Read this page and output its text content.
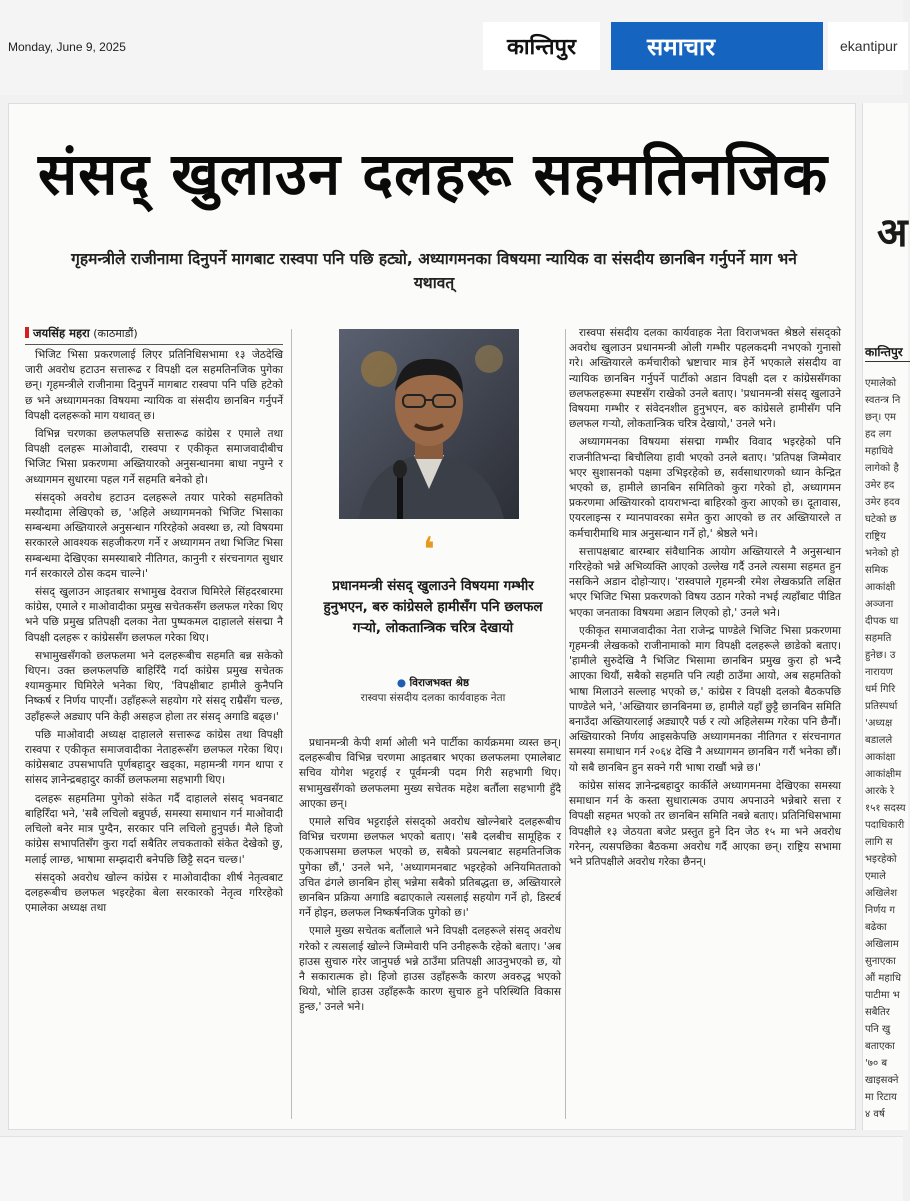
Monday, June 9, 2025	कान्तिपुर	समाचार	ekantipur
संसद् खुलाउन दलहरू सहमतिनजिक
गृहमन्त्रीले राजीनामा दिनुपर्ने मागबाट रास्वपा पनि पछि हट्यो, अध्यागमनका विषयमा न्यायिक वा संसदीय छानबिन गर्नुपर्ने माग भने यथावत्
जयसिंह महरा (काठमाडौं)

भिजिट भिसा प्रकरणलाई लिएर प्रतिनिधिसभामा १३ जेठदेखि जारी अवरोध हटाउन सत्तारूढ र विपक्षी दल सहमतिनजिक पुगेका छन्। गृहमन्त्रीले राजीनामा दिनुपर्ने मागबाट रास्वपा पनि पछि हटेको छ भने अध्यागमनका विषयमा न्यायिक वा संसदीय छानबिन गर्नुपर्ने विपक्षी दलहरूको माग यथावत् छ।

विभिन्न चरणका छलफलपछि सत्तारूढ कांग्रेस र एमाले तथा विपक्षी दलहरू माओवादी, रास्वपा र एकीकृत समाजवादीबीच भिजिट भिसा प्रकरणमा अख्तियारको अनुसन्धानमा बाधा नपुग्ने र अध्यागमन सुधारमा पहल गर्ने सहमति बनेको हो।

संसद्को अवरोध हटाउन दलहरूले तयार पारेको सहमतिको मस्यौदामा लेखिएको छ, 'अहिले अध्यागमनको भिजिट भिसाका सम्बन्धमा अख्तियारले अनुसन्धान गरिरहेको अवस्था छ, त्यो विषयमा सरकारले आवश्यक सहजीकरण गर्ने र अध्यागमन तथा भिजिट भिसा सम्बन्धमा देखिएका समस्याबारे नीतिगत, कानुनी र संरचनागत सुधार गर्न सरकारले ठोस कदम चाल्ने।'

संसद् खुलाउन आइतबार सभामुख देवराज घिमिरेले सिंहदरबारमा कांग्रेस, एमाले र माओवादीका प्रमुख सचेतकसँग छलफल गरेका थिए भने पछि प्रमुख प्रतिपक्षी दलका नेता पुष्पकमल दाहालले संसद्मा नै विपक्षी दलहरू र कांग्रेससँग छलफल गरेका थिए।

सभामुखसँगको छलफलमा भने दलहरूबीच सहमति बन्न सकेको थिएन। उक्त छलफलपछि बाहिरिँदै गर्दा कांग्रेस प्रमुख सचेतक श्यामकुमार घिमिरेले भनेका थिए, 'विपक्षीबाट हामीले कुनैपनि निष्कर्ष र निर्णय पाएनौं। उहाँहरूले सहयोग गरे संसद् राम्रैसँग चल्छ, उहाँहरूले अड्याए पनि केही असहज होला तर संसद् अगाडि बढ्छ।'

पछि माओवादी अध्यक्ष दाहालले सत्तारूढ कांग्रेस तथा विपक्षी रास्वपा र एकीकृत समाजवादीका नेताहरूसँग छलफल गरेका थिए। कांग्रेसबाट उपसभापति पूर्णबहादुर खड्का, महामन्त्री गगन थापा र सांसद ज्ञानेन्द्रबहादुर कार्की छलफलमा सहभागी थिए।

दलहरू सहमतिमा पुगेको संकेत गर्दै दाहालले संसद् भवनबाट बाहिरिँदा भने, 'सबै लचिलो बन्नुपर्छ, समस्या समाधान गर्न माओवादी लचिलो बनेर मात्र पुग्दैन, सरकार पनि लचिलो हुनुपर्छ। मैले हिजो कांग्रेस सभापतिसँग कुरा गर्दा सबैतिर लचकताको संकेत देखेको छु, मलाई लाग्छ, भाषामा सम्झदारी बनेपछि छिट्टै सदन चल्छ।'

संसद्को अवरोध खोल्न कांग्रेस र माओवादीका शीर्ष नेतृत्वबाट दलहरूबीच छलफल भइरहेका बेला सरकारको नेतृत्व गरिरहेको एमालेका अध्यक्ष तथा

❛
प्रधानमन्त्री संसद् खुलाउने विषयमा गम्भीर हुनुभएन, बरु कांग्रेसले हामीसँग पनि छलफल गऱ्यो, लोकतान्त्रिक चरित्र देखायो
● विराजभक्त श्रेष्ठ
रास्वपा संसदीय दलका कार्यवाहक नेता

प्रधानमन्त्री केपी शर्मा ओली भने पार्टीका कार्यक्रममा व्यस्त छन्। दलहरूबीच विभिन्न चरणमा आइतबार भएका छलफलमा एमालेबाट सचिव योगेश भट्टराई र पूर्वमन्त्री पदम गिरी सहभागी थिए। सभामुखसँगको छलफलमा मुख्य सचेतक महेश बर्तौला सहभागी हुँदै आएका छन्।

एमाले सचिव भट्टराईले संसद्को अवरोध खोल्नेबारे दलहरूबीच विभिन्न चरणमा छलफल भएको बताए। 'सबै दलबीच सामूहिक र एकआपसमा छलफल भएको छ, सबैको प्रयत्नबाट सहमतिनजिक पुगेका छौं,' उनले भने, 'अध्यागमनबाट भइरहेको अनियमितताको उचित ढंगले छानबिन होस् भन्नेमा सबैको प्रतिबद्धता छ, अख्तियारले छानबिन प्रक्रिया अगाडि बढाएकाले त्यसलाई सहयोग गर्ने हो, डिस्टर्ब गर्ने होइन, छलफल निष्कर्षनजिक पुगेको छ।'

एमाले मुख्य सचेतक बर्तौलाले भने विपक्षी दलहरूले संसद् अवरोध गरेको र त्यसलाई खोल्ने जिम्मेवारी पनि उनीहरूकै रहेको बताए। 'अब हाउस सुचारु गरेर जानुपर्छ भन्ने ठाउँमा प्रतिपक्षी आउनुभएको छ, यो नै सकारात्मक हो। हिजो हाउस उहाँहरूकै कारण अवरुद्ध भएको थियो, भोलि हाउस उहाँहरूकै कारण सुचारु हुने परिस्थिति विकास हुन्छ,' उनले भने।

रास्वपा संसदीय दलका कार्यवाहक नेता विराजभक्त श्रेष्ठले संसद्को अवरोध खुलाउन प्रधानमन्त्री ओली गम्भीर पहलकदमी नभएको गुनासो गरे। अख्तियारले कर्मचारीको भ्रष्टाचार मात्र हेर्ने भएकाले संसदीय वा न्यायिक छानबिन गर्नुपर्ने पार्टीको अडान विपक्षी दल र कांग्रेससँगका छलफलहरूमा स्पष्टसँग राखेको उनले बताए। 'प्रधानमन्त्री संसद् खुलाउने विषयमा गम्भीर र संवेदनशील हुनुभएन, बरु कांग्रेसले हामीसँग पनि छलफल गऱ्यो, लोकतान्त्रिक चरित्र देखायो,' उनले भने।

अध्यागमनका विषयमा संसद्मा गम्भीर विवाद भइरहेको पनि राजनीतिभन्दा बिचौलिया हावी भएको उनले बताए। 'प्रतिपक्ष जिम्मेवार भएर सुशासनको पक्षमा उभिइरहेको छ, सर्वसाधारणको ध्यान केन्द्रित भएको छ, हामीले छानबिन समितिको कुरा गरेको हो, अध्यागमन प्रकरणमा अख्तियारको दायराभन्दा बाहिरको कुरा आएको छ। दूतावास, एयरलाइन्स र म्यानपावरका समेत कुरा आएको छ तर अख्तियारले त कर्मचारीमाथि मात्र अनुसन्धान गर्ने हो,' श्रेष्ठले भने।

सत्तापक्षबाट बारम्बार संवैधानिक आयोग अख्तियारले नै अनुसन्धान गरिरहेको भन्ने अभिव्यक्ति आएको उल्लेख गर्दै उनले त्यसमा सहमत हुन नसकिने अडान दोहोऱ्याए। 'रास्वपाले गृहमन्त्री रमेश लेखकप्रति लक्षित भएर भिजिट भिसा प्रकरणको विषय उठान गरेको नभई त्यहाँबाट पीडित भएका जनताका विषयमा अडान लिएको हो,' उनले भने।

एकीकृत समाजवादीका नेता राजेन्द्र पाण्डेले भिजिट भिसा प्रकरणमा गृहमन्त्री लेखकको राजीनामाको माग विपक्षी दलहरूले छाडेको बताए। 'हामीले सुरुदेखि नै भिजिट भिसामा छानबिन प्रमुख कुरा हो भन्दै आएका थियौं, सबैको सहमति पनि त्यही ठाउँमा आयो, अब सहमतिको भाषा मिलाउने सल्लाह भएको छ,' कांग्रेस र विपक्षी दलको बैठकपछि पाण्डेले भने, 'अख्तियार छानबिनमा छ, हामीले यहाँ छुट्टै छानबिन समिति बनाउँदा अख्तियारलाई अड्याएरै पर्छ र त्यो अहिलेसम्म गरेका पनि छैनौं। अख्तियारको निर्णय आइसकेपछि अध्यागमनका नीतिगत र संरचनागत समस्या समाधान गर्न २०६४ देखि नै अध्यागमन छानबिन गरौं भनेका छौं। यो सबै छानबिन हुन सक्ने गरी भाषा राखौं भन्ने छ।'

कांग्रेस सांसद ज्ञानेन्द्रबहादुर कार्कीले अध्यागमनमा देखिएका समस्या समाधान गर्न के कस्ता सुधारात्मक उपाय अपनाउने भन्नेबारे सत्ता र विपक्षी सहमत भएको तर छानबिन समिति नबन्ने बताए। प्रतिनिधिसभामा विपक्षीले १३ जेठयता बजेट प्रस्तुत हुने दिन जेठ १५ मा भने अवरोध गरेनन्, त्यसपछिका बैठकमा अवरोध गर्दै आएका छन्। राष्ट्रिय सभामा भने प्रतिपक्षीले अवरोध गरेका छैनन्।

अ
कान्तिपुर
एमालेको
स्वतन्त्र नि
छन्। एम
हद लग
महाधिवे
लागेको है
उमेर हद
उमेर हदव
घटेको छ
राष्ट्रिय
भनेको हो
समिक
आकांक्षी
अञ्जना
दीपक धा
सहमति
हुनेछ। उ
नारायण
धर्म गिरि
प्रतिस्पर्धा
'अध्यक्ष
बडालले
आकांक्षा
आकांक्षीम
आरके रे
१५१ सदस्य
पदाधिकारी
लागि स
भइरहेको
एमाले
अखिलेश
निर्णय ग
बढेका
अखिलाम
सुनाएका
औं महाधि
पाटीमा भ
सबैतिर
पनि खु
बताएका
'७० ब
खाइसक्ने
मा रिटाय
४ वर्ष
